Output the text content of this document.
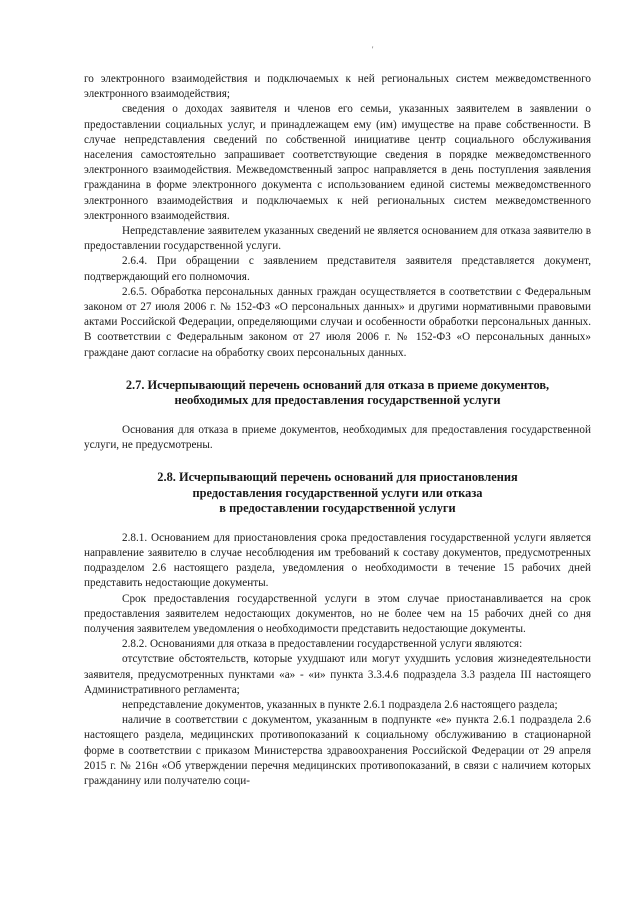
'

го электронного взаимодействия и подключаемых к ней региональных систем межведомственного электронного взаимодействия;

сведения о доходах заявителя и членов его семьи, указанных заявителем в заявлении о предоставлении социальных услуг, и принадлежащем ему (им) имуществе на праве собственности. В случае непредставления сведений по собственной инициативе центр социального обслуживания населения самостоятельно запрашивает соответствующие сведения в порядке межведомственного электронного взаимодействия. Межведомственный запрос направляется в день поступления заявления гражданина в форме электронного документа с использованием единой системы межведомственного электронного взаимодействия и подключаемых к ней региональных систем межведомственного электронного взаимодействия.

Непредставление заявителем указанных сведений не является основанием для отказа заявителю в предоставлении государственной услуги.

2.6.4. При обращении с заявлением представителя заявителя представляется документ, подтверждающий его полномочия.

2.6.5. Обработка персональных данных граждан осуществляется в соответствии с Федеральным законом от 27 июля 2006 г. № 152-ФЗ «О персональных данных» и другими нормативными правовыми актами Российской Федерации, определяющими случаи и особенности обработки персональных данных. В соответствии с Федеральным законом от 27 июля 2006 г. № 152-ФЗ «О персональных данных» граждане дают согласие на обработку своих персональных данных.

2.7. Исчерпывающий перечень оснований для отказа в приеме документов,
необходимых для предоставления государственной услуги

Основания для отказа в приеме документов, необходимых для предоставления государственной услуги, не предусмотрены.

2.8. Исчерпывающий перечень оснований для приостановления
предоставления государственной услуги или отказа
в предоставлении государственной услуги

2.8.1. Основанием для приостановления срока предоставления государственной услуги является направление заявителю в случае несоблюдения им требований к составу документов, предусмотренных подразделом 2.6 настоящего раздела, уведомления о необходимости в течение 15 рабочих дней представить недостающие документы.

Срок предоставления государственной услуги в этом случае приостанавливается на срок предоставления заявителем недостающих документов, но не более чем на 15 рабочих дней со дня получения заявителем уведомления о необходимости представить недостающие документы.

2.8.2. Основаниями для отказа в предоставлении государственной услуги являются:

отсутствие обстоятельств, которые ухудшают или могут ухудшить условия жизнедеятельности заявителя, предусмотренных пунктами «а» - «и» пункта 3.3.4.6 подраздела 3.3 раздела III настоящего Административного регламента;

непредставление документов, указанных в пункте 2.6.1 подраздела 2.6 настоящего раздела;

наличие в соответствии с документом, указанным в подпункте «е» пункта 2.6.1 подраздела 2.6 настоящего раздела, медицинских противопоказаний к социальному обслуживанию в стационарной форме в соответствии с приказом Министерства здравоохранения Российской Федерации от 29 апреля 2015 г. № 216н «Об утверждении перечня медицинских противопоказаний, в связи с наличием которых гражданину или получателю соци-
